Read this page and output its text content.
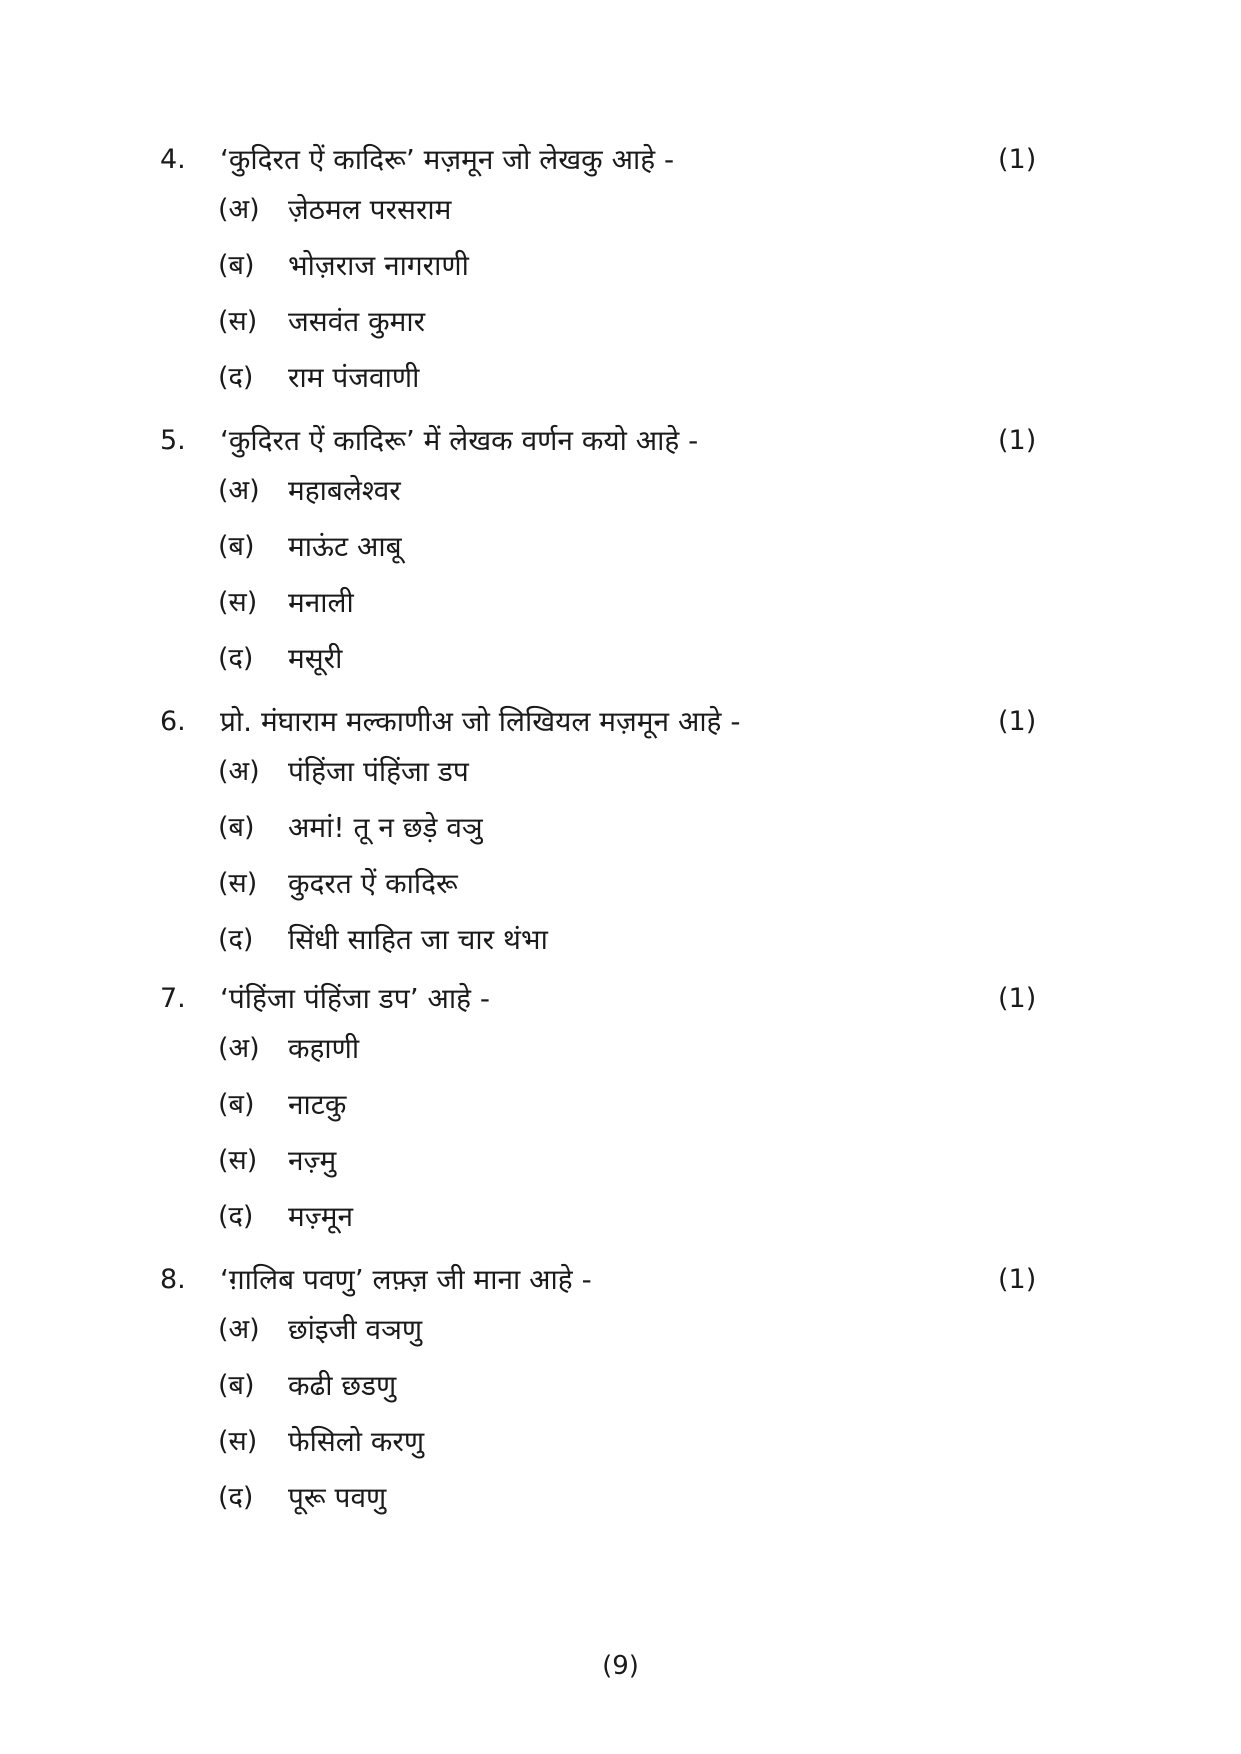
4. ‘कुदिरत ऐं कादिरू’ मज़मून जो लेखकु आहे -	(1)
(अ) ज़ेठमल परसराम
(ब) भोज़राज नागराणी
(स) जसवंत कुमार
(द) राम पंजवाणी
5. ‘कुदिरत ऐं कादिरू’ में लेखक वर्णन कयो आहे -	(1)
(अ) महाबलेश्वर
(ब) माऊंट आबू
(स) मनाली
(द) मसूरी
6. प्रो. मंघाराम मल्काणीअ जो लिखियल मज़मून आहे -	(1)
(अ) पंहिंजा पंहिंजा डप
(ब) अमां! तू न छड़े वञु
(स) कुदरत ऐं कादिरू
(द) सिंधी साहित जा चार थंभा
7. ‘पंहिंजा पंहिंजा डप’ आहे -	(1)
(अ) कहाणी
(ब) नाटकु
(स) नज़्मु
(द) मज़्मून
8. ‘ग़ालिब पवणु’ लफ़्ज़ जी माना आहे -	(1)
(अ) छांइजी वञणु
(ब) कढी छडणु
(स) फेसिलो करणु
(द) पूरू पवणु
(9)
